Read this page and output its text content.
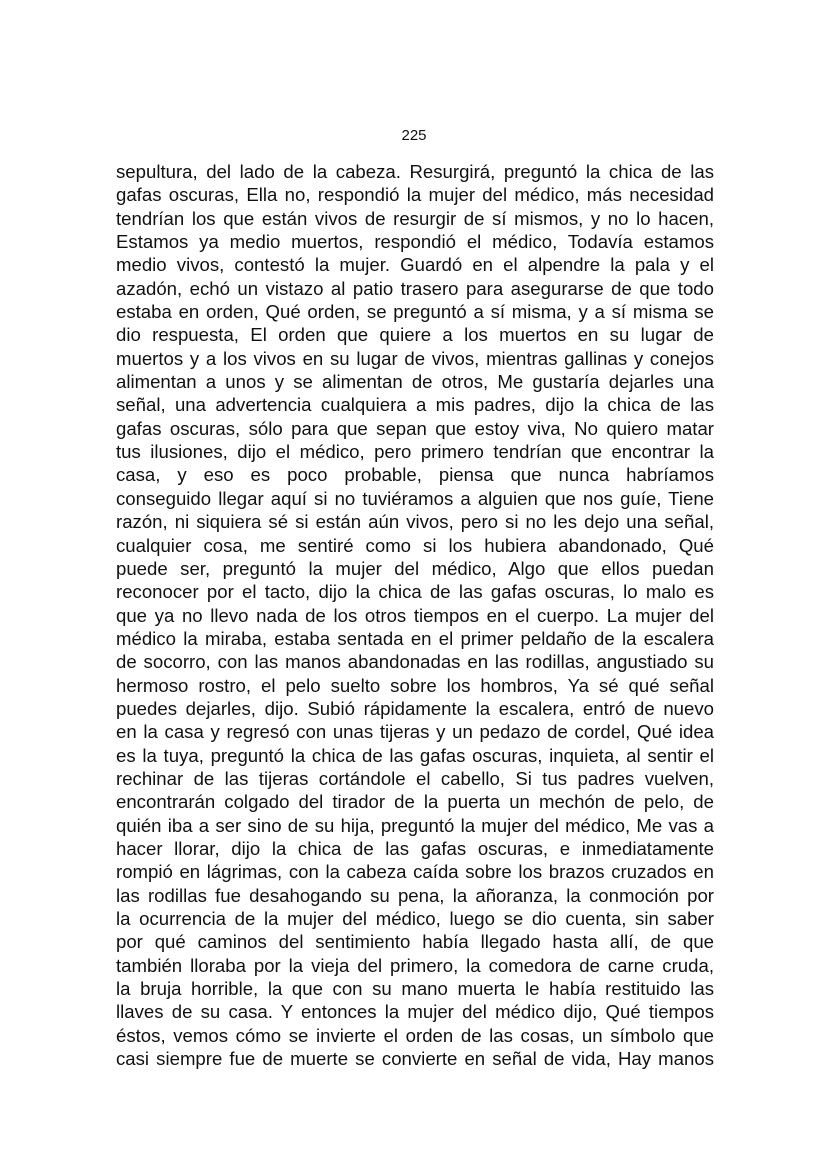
225
sepultura, del lado de la cabeza. Resurgirá, preguntó la chica de las
gafas oscuras, Ella no, respondió la mujer del médico, más necesidad
tendrían los que están vivos de resurgir de sí mismos, y no lo hacen,
Estamos ya medio muertos, respondió el médico, Todavía estamos
medio vivos, contestó la mujer. Guardó en el alpendre la pala y el
azadón, echó un vistazo al patio trasero para asegurarse de que todo
estaba en orden, Qué orden, se preguntó a sí misma, y a sí misma se
dio respuesta, El orden que quiere a los muertos en su lugar de
muertos y a los vivos en su lugar de vivos, mientras gallinas y conejos
alimentan a unos y se alimentan de otros, Me gustaría dejarles una
señal, una advertencia cualquiera a mis padres, dijo la chica de las
gafas oscuras, sólo para que sepan que estoy viva, No quiero matar
tus ilusiones, dijo el médico, pero primero tendrían que encontrar la
casa, y eso es poco probable, piensa que nunca habríamos
conseguido llegar aquí si no tuviéramos a alguien que nos guíe, Tiene
razón, ni siquiera sé si están aún vivos, pero si no les dejo una señal,
cualquier cosa, me sentiré como si los hubiera abandonado, Qué
puede ser, preguntó la mujer del médico, Algo que ellos puedan
reconocer por el tacto, dijo la chica de las gafas oscuras, lo malo es
que ya no llevo nada de los otros tiempos en el cuerpo. La mujer del
médico la miraba, estaba sentada en el primer peldaño de la escalera
de socorro, con las manos abandonadas en las rodillas, angustiado su
hermoso rostro, el pelo suelto sobre los hombros, Ya sé qué señal
puedes dejarles, dijo. Subió rápidamente la escalera, entró de nuevo
en la casa y regresó con unas tijeras y un pedazo de cordel, Qué idea
es la tuya, preguntó la chica de las gafas oscuras, inquieta, al sentir el
rechinar de las tijeras cortándole el cabello, Si tus padres vuelven,
encontrarán colgado del tirador de la puerta un mechón de pelo, de
quién iba a ser sino de su hija, preguntó la mujer del médico, Me vas a
hacer llorar, dijo la chica de las gafas oscuras, e inmediatamente
rompió en lágrimas, con la cabeza caída sobre los brazos cruzados en
las rodillas fue desahogando su pena, la añoranza, la conmoción por
la ocurrencia de la mujer del médico, luego se dio cuenta, sin saber
por qué caminos del sentimiento había llegado hasta allí, de que
también lloraba por la vieja del primero, la comedora de carne cruda,
la bruja horrible, la que con su mano muerta le había restituido las
llaves de su casa. Y entonces la mujer del médico dijo, Qué tiempos
éstos, vemos cómo se invierte el orden de las cosas, un símbolo que
casi siempre fue de muerte se convierte en señal de vida, Hay manos
